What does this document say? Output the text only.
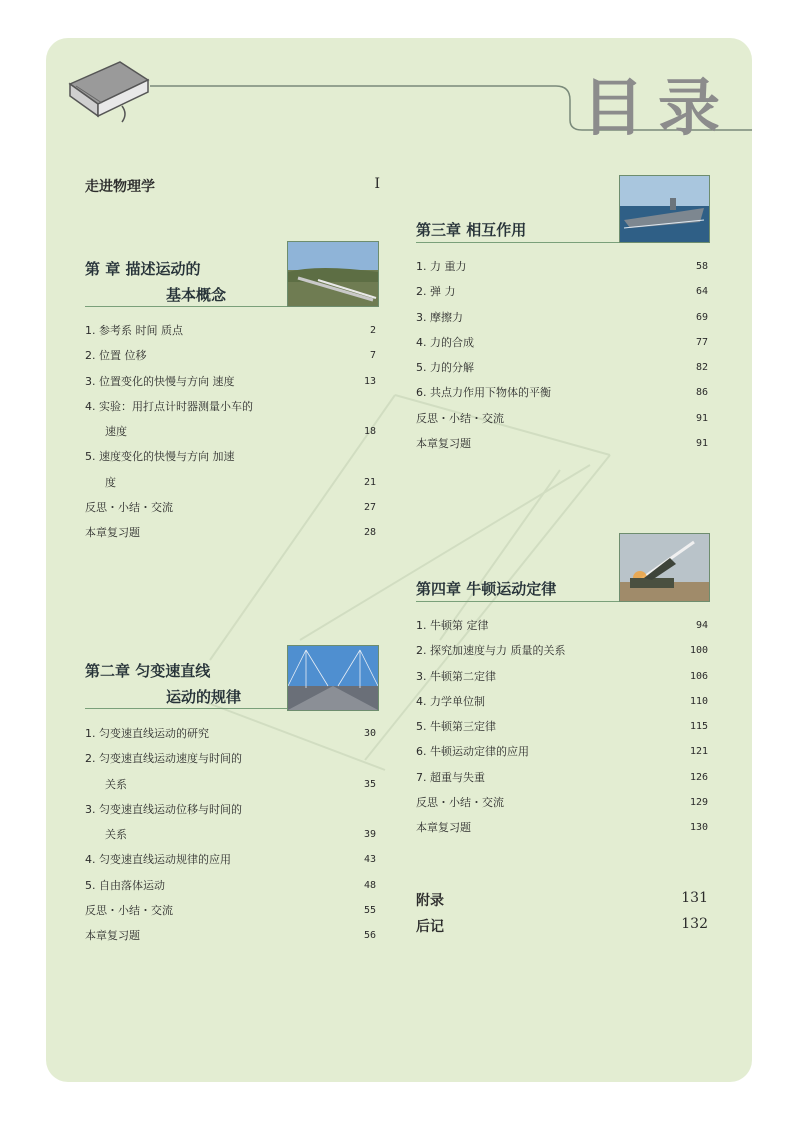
目录
走进物理学	I
第 章 描述运动的
基本概念
1. 参考系 时间 质点	2
2. 位置 位移	7
3. 位置变化的快慢与方向 速度	13
4. 实验：用打点计时器测量小车的
速度	18
5. 速度变化的快慢与方向 加速
度	21
反思・小结・交流	27
本章复习题	28
第二章 匀变速直线
运动的规律
1. 匀变速直线运动的研究	30
2. 匀变速直线运动速度与时间的
关系	35
3. 匀变速直线运动位移与时间的
关系	39
4. 匀变速直线运动规律的应用	43
5. 自由落体运动	48
反思・小结・交流	55
本章复习题	56
第三章 相互作用
1. 力 重力	58
2. 弹 力	64
3. 摩擦力	69
4. 力的合成	77
5. 力的分解	82
6. 共点力作用下物体的平衡	86
反思・小结・交流	91
本章复习题	91
第四章 牛顿运动定律
1. 牛顿第 定律	94
2. 探究加速度与力 质量的关系	100
3. 牛顿第二定律	106
4. 力学单位制	110
5. 牛顿第三定律	115
6. 牛顿运动定律的应用	121
7. 超重与失重	126
反思・小结・交流	129
本章复习题	130
附录	131
后记	132
